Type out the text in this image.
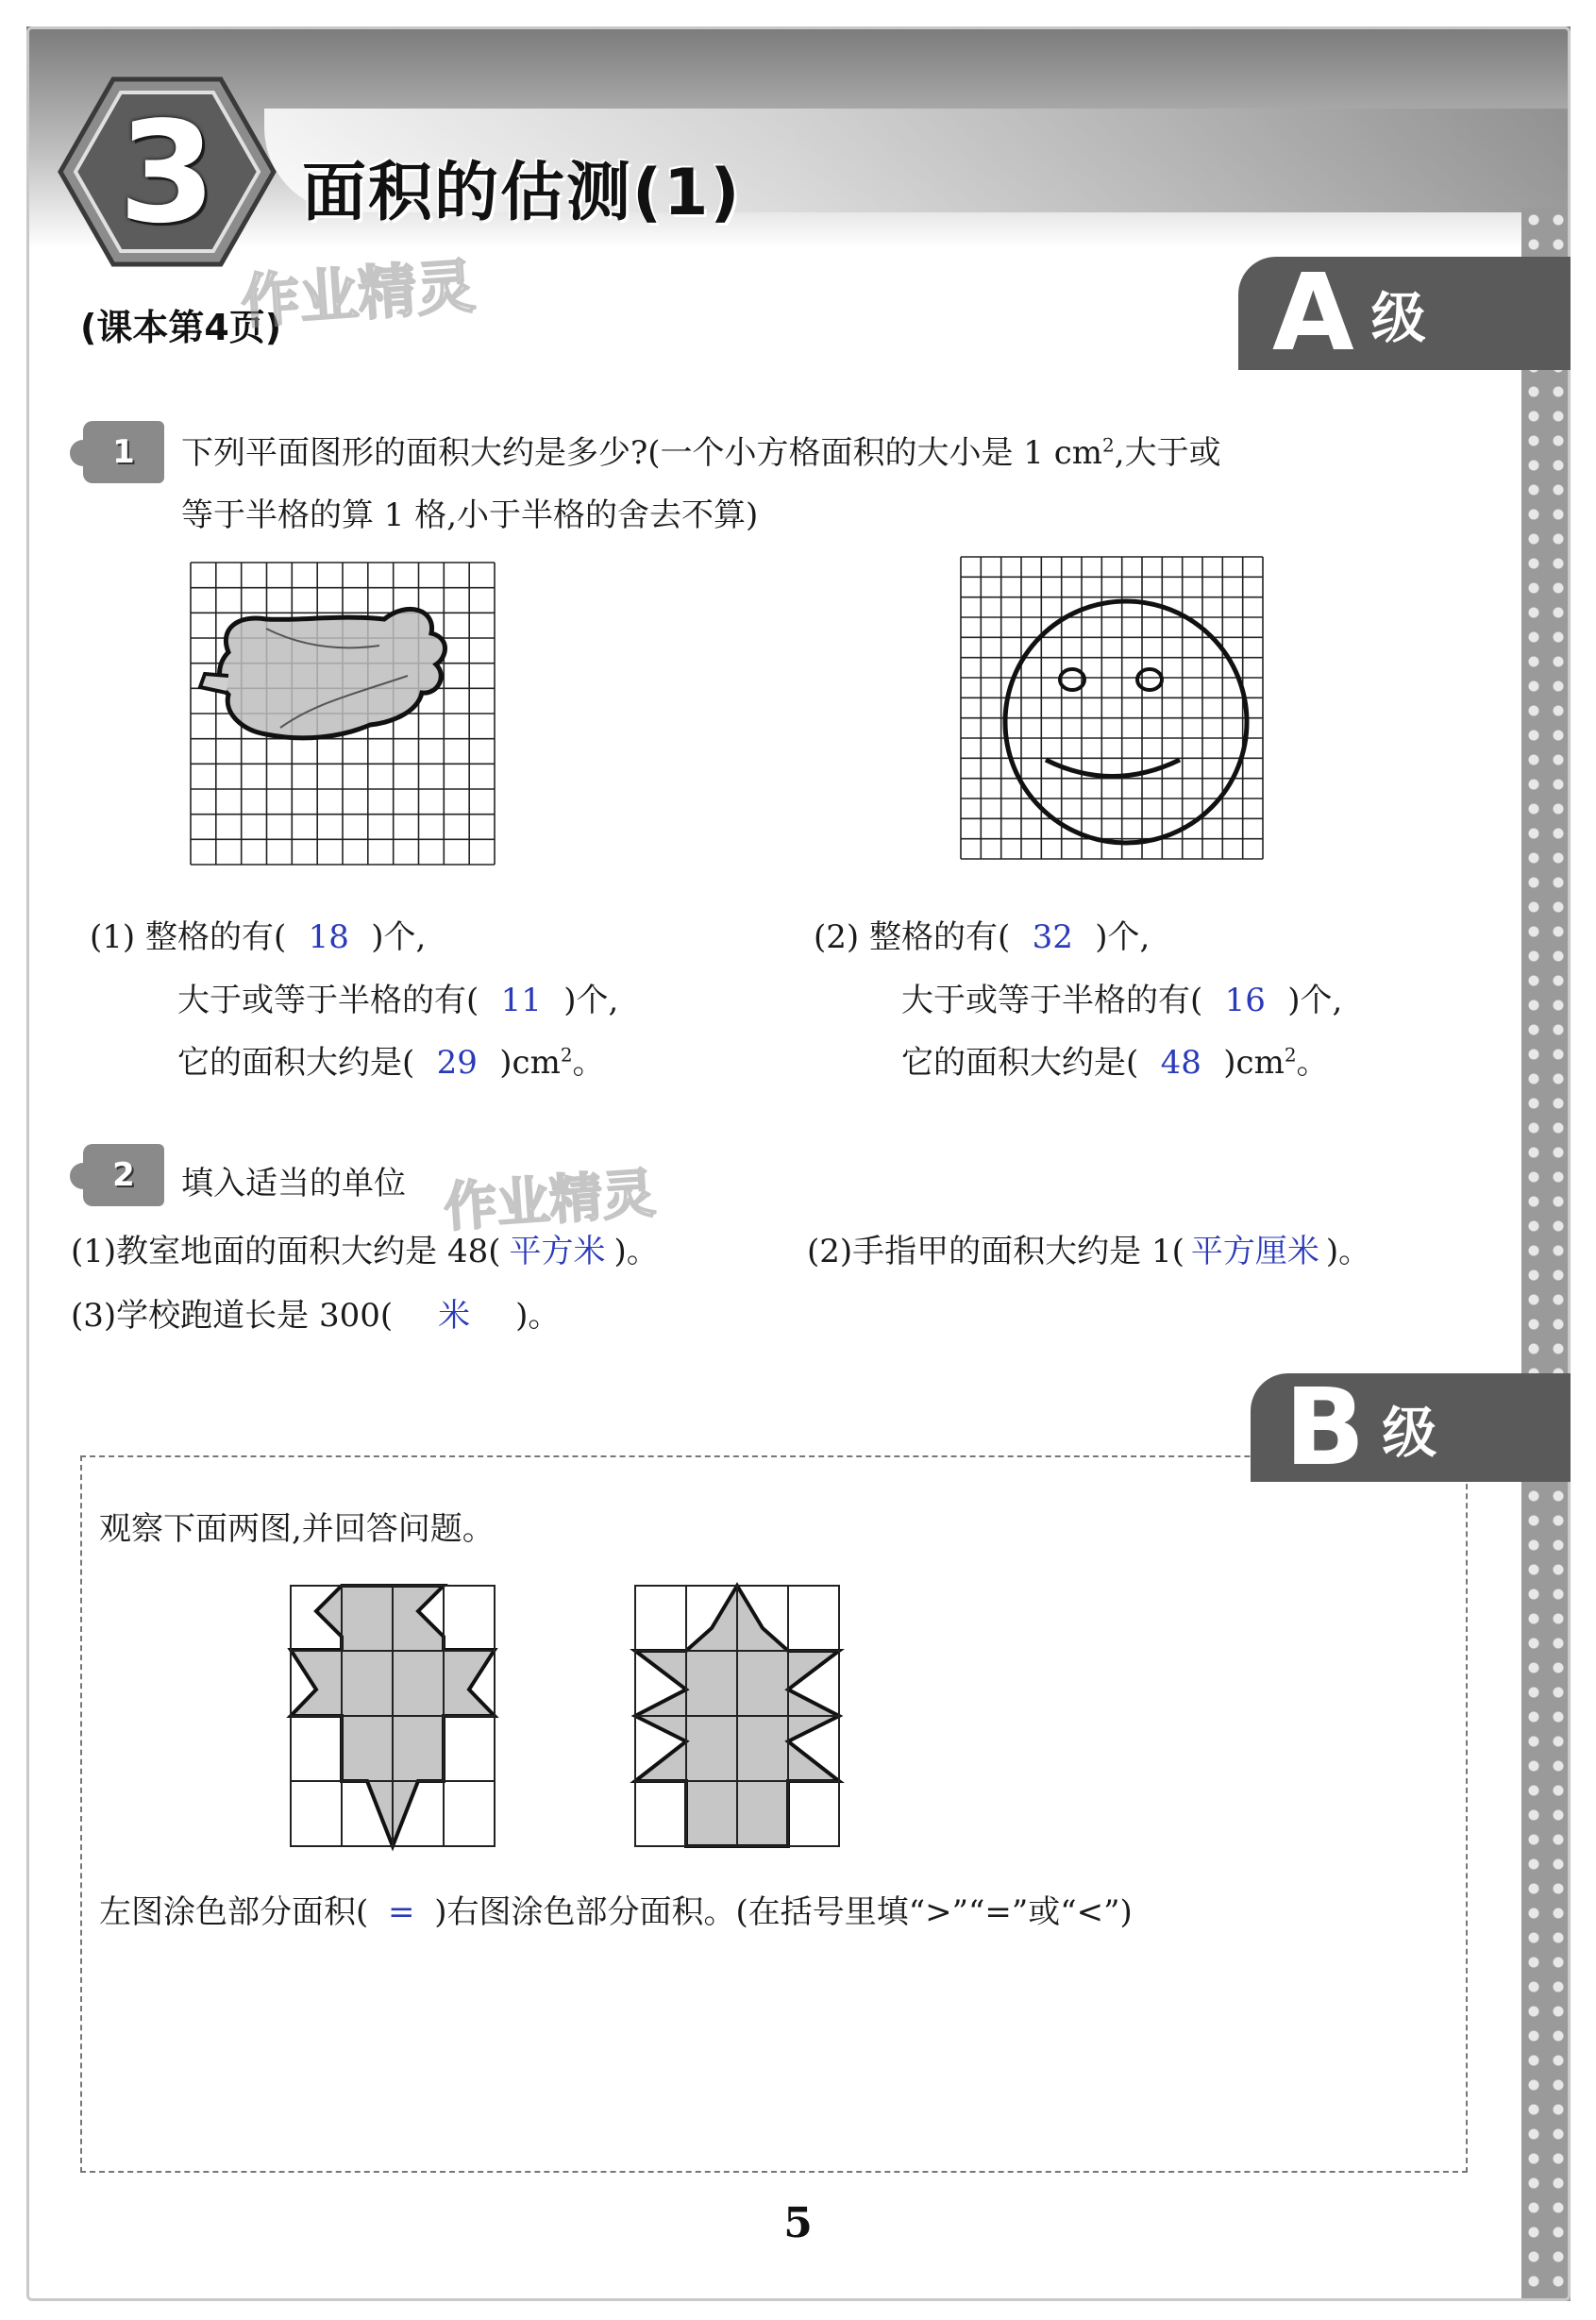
3	面积的估测(1)
(课本第4页)
作业精灵	A 级
1	下列平面图形的面积大约是多少?(一个小方格面积的大小是 1 $cm^2$,大于或
等于半格的算 1 格,小于半格的舍去不算)
(1) 整格的有( 18 )个,
大于或等于半格的有( 11 )个,
它的面积大约是( 29 )$cm^2$。
(2) 整格的有( 32 )个,
大于或等于半格的有( 16 )个,
它的面积大约是( 48 )$cm^2$。
2	填入适当的单位 作业精灵
(1)教室地面的面积大约是 48( 平方米 )。	(2)手指甲的面积大约是 1( 平方厘米 )。
(3)学校跑道长是 300( 米 )。
B 级
观察下面两图,并回答问题。
左图涂色部分面积( = )右图涂色部分面积。(在括号里填“>”“=”或“<”)
5
